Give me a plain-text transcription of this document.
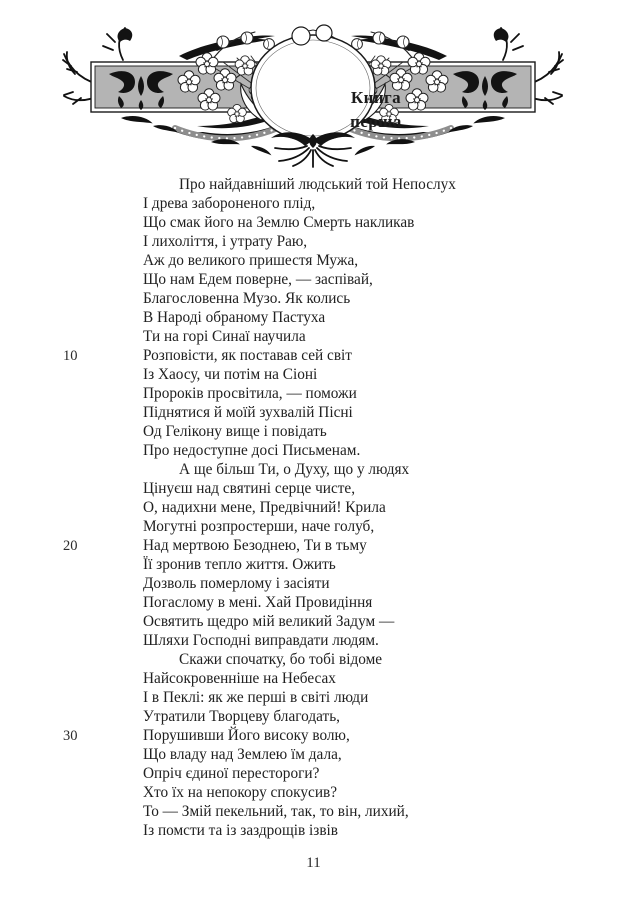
Книга
перша
Про найдавніший людський той Непослух
І древа забороненого плід,
Що смак його на Землю Смерть накликав
І лихоліття, і утрату Раю,
Аж до великого пришестя Мужа,
Що нам Едем поверне, — заспівай,
Благословенна Музо. Як колись
В Народі обраному Пастуха
Ти на горі Синаї научила
10	Розповісти, як поставав сей світ
Із Хаосу, чи потім на Сіоні
Пророків просвітила, — поможи
Піднятися й моїй зухвалій Пісні
Од Гелікону вище і повідать
Про недоступне досі Письменам.
А ще більш Ти, о Духу, що у людях
Цінуєш над святині серце чисте,
О, надихни мене, Предвічний! Крила
Могутні розпростерши, наче голуб,
20	Над мертвою Безоднею, Ти в тьму
Її зронив тепло життя. Ожить
Дозволь померлому і засіяти
Погаслому в мені. Хай Провидіння
Освятить щедро мій великий Задум —
Шляхи Господні виправдати людям.
Скажи спочатку, бо тобі відоме
Найсокровенніше на Небесах
І в Пеклі: як же перші в світі люди
Утратили Творцеву благодать,
30	Порушивши Його високу волю,
Що владу над Землею їм дала,
Опріч єдиної перестороги?
Хто їх на непокору спокусив?
То — Змій пекельний, так, то він, лихий,
Із помсти та із заздрощів ізвів
11
